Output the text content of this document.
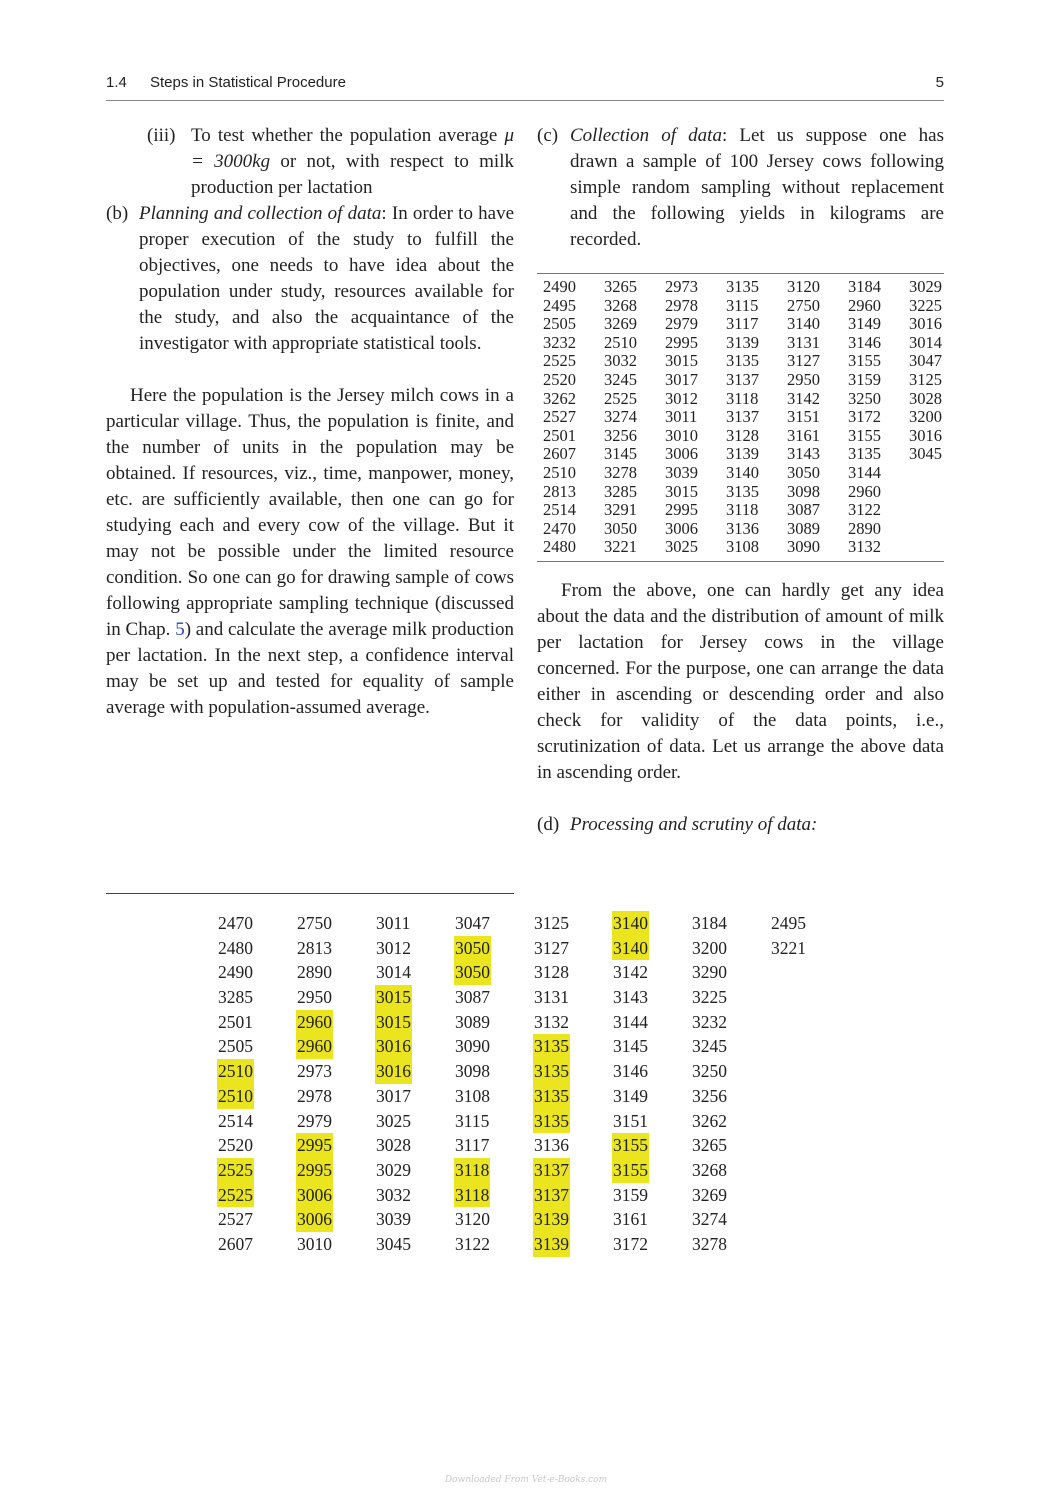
1.4 Steps in Statistical Procedure	5
(iii) To test whether the population average μ = 3000kg or not, with respect to milk production per lactation
(b) Planning and collection of data: In order to have proper execution of the study to fulfill the objectives, one needs to have idea about the population under study, resources available for the study, and also the acquaintance of the investigator with appropriate statistical tools.

Here the population is the Jersey milch cows in a particular village. Thus, the population is finite, and the number of units in the population may be obtained. If resources, viz., time, manpower, money, etc. are sufficiently available, then one can go for studying each and every cow of the village. But it may not be possible under the limited resource condition. So one can go for drawing sample of cows following appropriate sampling technique (discussed in Chap. 5) and calculate the average milk production per lactation. In the next step, a confidence interval may be set up and tested for equality of sample average with population-assumed average.

(c) Collection of data: Let us suppose one has drawn a sample of 100 Jersey cows following simple random sampling without replacement and the following yields in kilograms are recorded.
2490	3265	2973	3135	3120	3184	3029
2495	3268	2978	3115	2750	2960	3225
2505	3269	2979	3117	3140	3149	3016
3232	2510	2995	3139	3131	3146	3014
2525	3032	3015	3135	3127	3155	3047
2520	3245	3017	3137	2950	3159	3125
3262	2525	3012	3118	3142	3250	3028
2527	3274	3011	3137	3151	3172	3200
2501	3256	3010	3128	3161	3155	3016
2607	3145	3006	3139	3143	3135	3045
2510	3278	3039	3140	3050	3144
2813	3285	3015	3135	3098	2960
2514	3291	2995	3118	3087	3122
2470	3050	3006	3136	3089	2890
2480	3221	3025	3108	3090	3132

From the above, one can hardly get any idea about the data and the distribution of amount of milk per lactation for Jersey cows in the village concerned. For the purpose, one can arrange the data either in ascending or descending order and also check for validity of the data points, i.e., scrutinization of data. Let us arrange the above data in ascending order.

(d) Processing and scrutiny of data:
2470	2750	3011	3047	3125	3140	3184	2495
2480	2813	3012	3050	3127	3140	3200	3221
2490	2890	3014	3050	3128	3142	3290
3285	2950	3015	3087	3131	3143	3225
2501	2960	3015	3089	3132	3144	3232
2505	2960	3016	3090	3135	3145	3245
2510	2973	3016	3098	3135	3146	3250
2510	2978	3017	3108	3135	3149	3256
2514	2979	3025	3115	3135	3151	3262
2520	2995	3028	3117	3136	3155	3265
2525	2995	3029	3118	3137	3155	3268
2525	3006	3032	3118	3137	3159	3269
2527	3006	3039	3120	3139	3161	3274
2607	3010	3045	3122	3139	3172	3278
Downloaded From Vet-e-Books.com
